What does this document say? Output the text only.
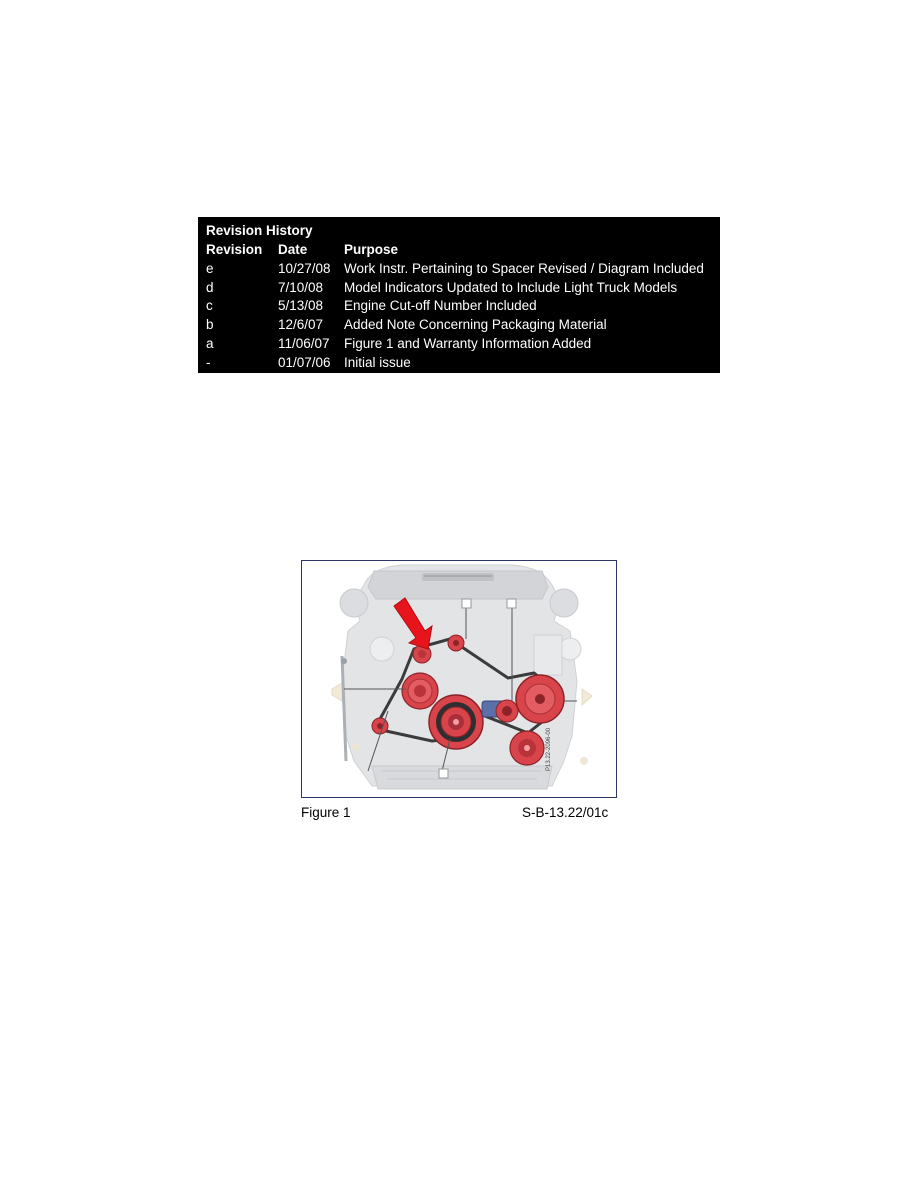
Revision History
Revision	Date	Purpose
e	10/27/08 Work Instr. Pertaining to Spacer Revised / Diagram Included
d	7/10/08	Model Indicators Updated to Include Light Truck Models
c	5/13/08	Engine Cut-off Number Included
b	12/6/07	Added Note Concerning Packaging Material
a	11/06/07	Figure 1 and Warranty Information Added
-	01/07/06 Initial issue
P13.22-2096-00
Figure 1	S-B-13.22/01c
